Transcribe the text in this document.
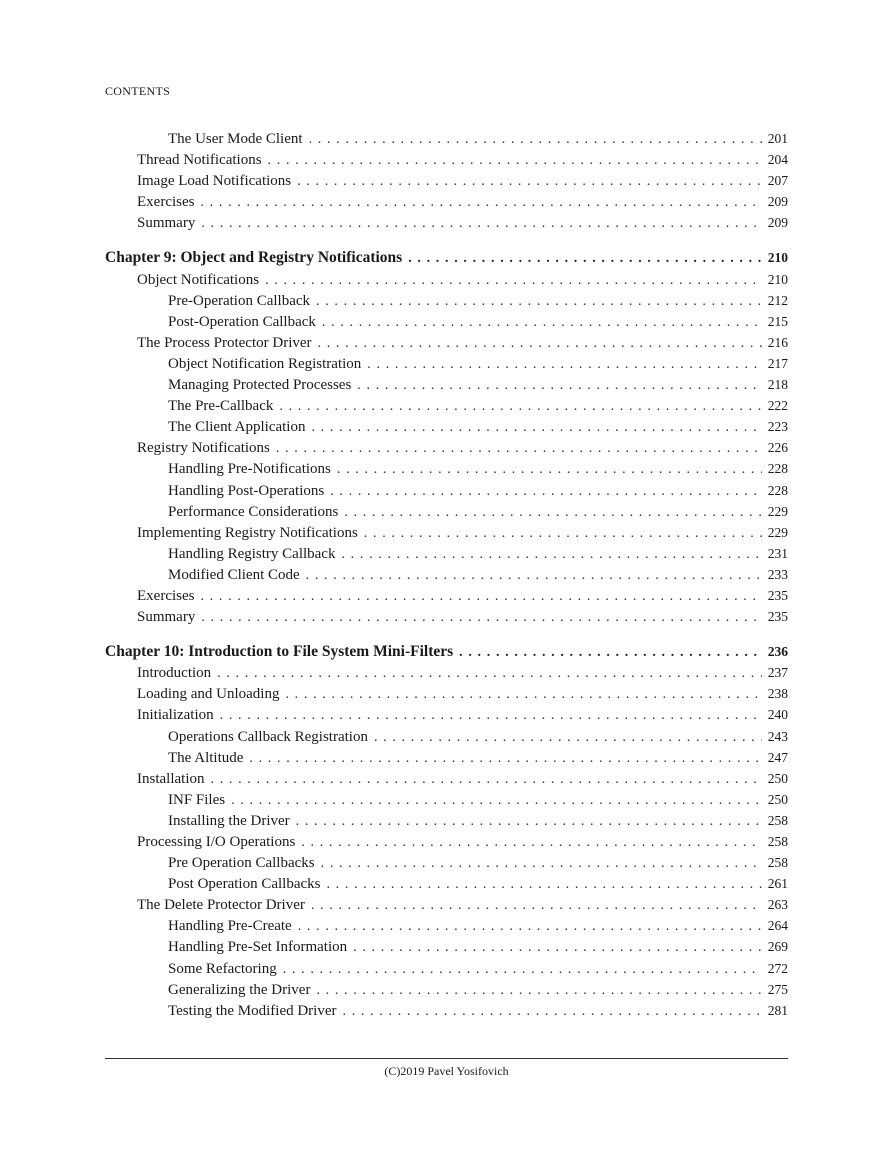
CONTENTS
The User Mode Client . . .	201
Thread Notifications . . .	204
Image Load Notifications . . .	207
Exercises . . .	209
Summary . . .	209
Chapter 9: Object and Registry Notifications . . .	210
Object Notifications . . .	210
Pre-Operation Callback . . .	212
Post-Operation Callback . . .	215
The Process Protector Driver . . .	216
Object Notification Registration . . .	217
Managing Protected Processes . . .	218
The Pre-Callback . . .	222
The Client Application . . .	223
Registry Notifications . . .	226
Handling Pre-Notifications . . .	228
Handling Post-Operations . . .	228
Performance Considerations . . .	229
Implementing Registry Notifications . . .	229
Handling Registry Callback . . .	231
Modified Client Code . . .	233
Exercises . . .	235
Summary . . .	235
Chapter 10: Introduction to File System Mini-Filters . . .	236
Introduction . . .	237
Loading and Unloading . . .	238
Initialization . . .	240
Operations Callback Registration . . .	243
The Altitude . . .	247
Installation . . .	250
INF Files . . .	250
Installing the Driver . . .	258
Processing I/O Operations . . .	258
Pre Operation Callbacks . . .	258
Post Operation Callbacks . . .	261
The Delete Protector Driver . . .	263
Handling Pre-Create . . .	264
Handling Pre-Set Information . . .	269
Some Refactoring . . .	272
Generalizing the Driver . . .	275
Testing the Modified Driver . . .	281
(C)2019 Pavel Yosifovich
